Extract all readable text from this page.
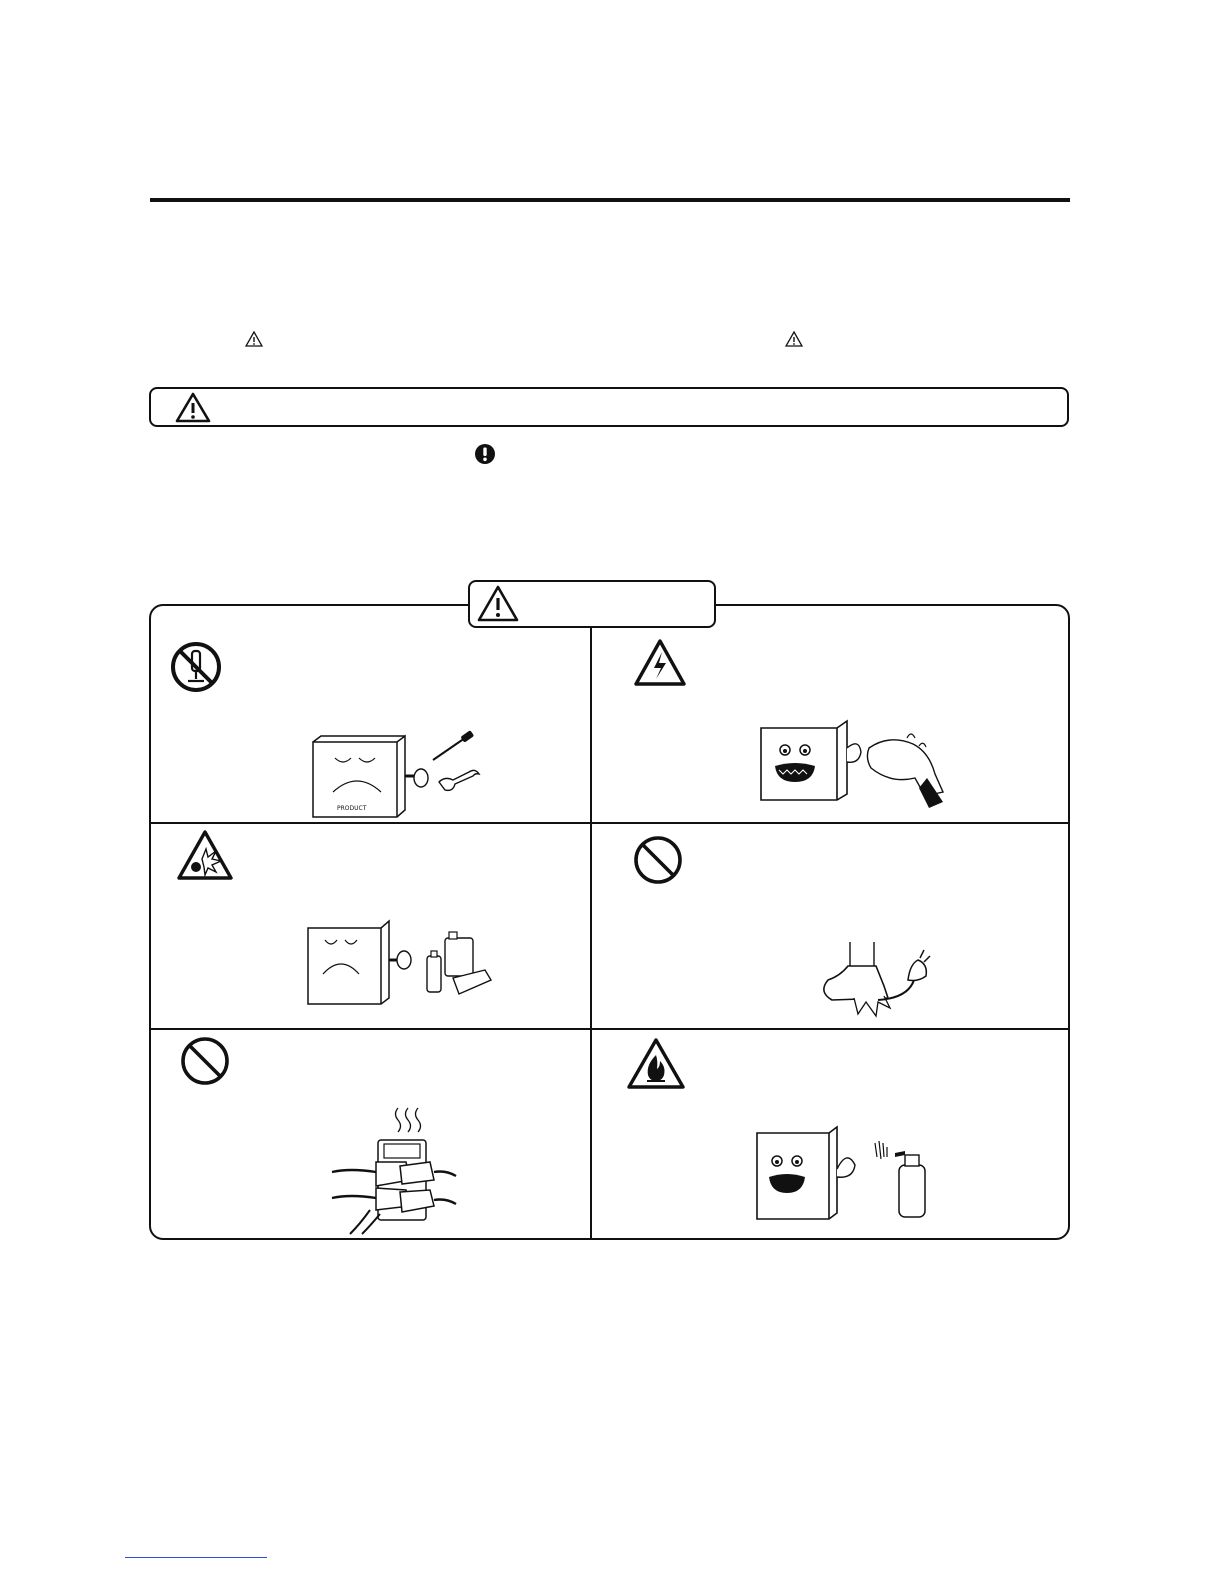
PRODUCT
